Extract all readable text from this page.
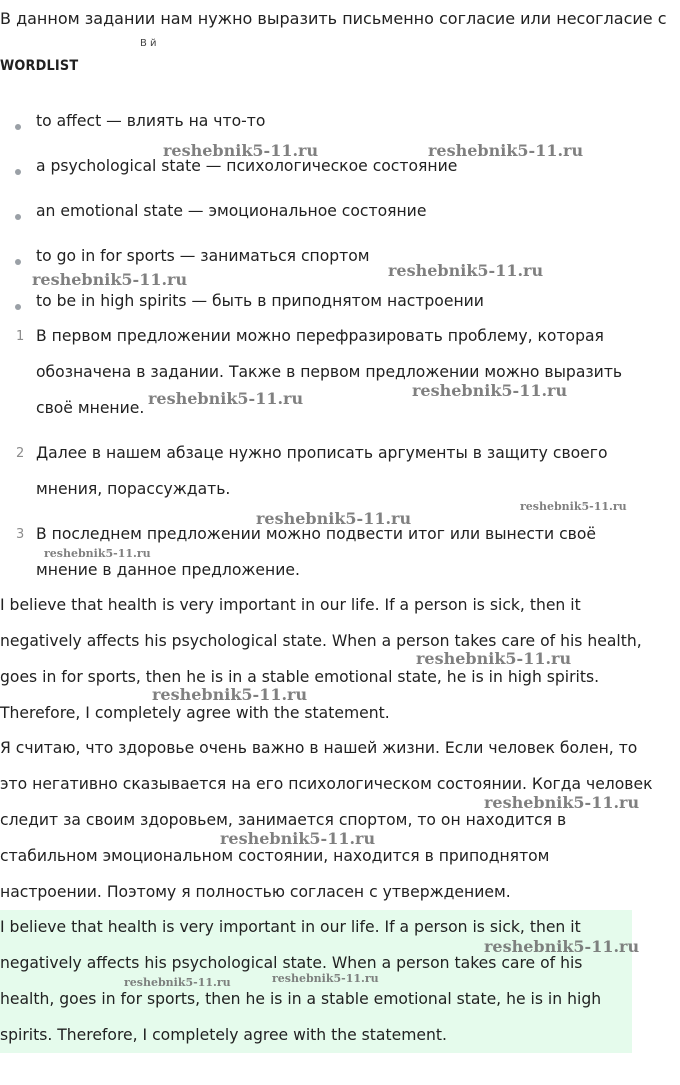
В данном задании нам нужно выразить письменно согласие или несогласие с
В й
WORDLIST
to affect — влиять на что-то
a psychological state — психологическое состояние
an emotional state — эмоциональное состояние
to go in for sports — заниматься спортом
to be in high spirits — быть в приподнятом настроении
1 В первом предложении можно перефразировать проблему, которая
обозначена в задании. Также в первом предложении можно выразить
своё мнение.
2 Далее в нашем абзаце нужно прописать аргументы в защиту своего
мнения, порассуждать.
3 В последнем предложении можно подвести итог или вынести своё
мнение в данное предложение.
I believe that health is very important in our life. If a person is sick, then it
negatively affects his psychological state. When a person takes care of his health,
goes in for sports, then he is in a stable emotional state, he is in high spirits.
Therefore, I completely agree with the statement.
Я считаю, что здоровье очень важно в нашей жизни. Если человек болен, то
это негативно сказывается на его психологическом состоянии. Когда человек
следит за своим здоровьем, занимается спортом, то он находится в
стабильном эмоциональном состоянии, находится в приподнятом
настроении. Поэтому я полностью согласен с утверждением.
I believe that health is very important in our life. If a person is sick, then it
negatively affects his psychological state. When a person takes care of his
health, goes in for sports, then he is in a stable emotional state, he is in high
spirits. Therefore, I completely agree with the statement.
reshebnik5-11.ru	reshebnik5-11.ru
reshebnik5-11.ru	reshebnik5-11.ru
reshebnik5-11.ru	reshebnik5-11.ru
reshebnik5-11.ru
reshebnik5-11.ru
reshebnik5-11.ru
reshebnik5-11.ru
reshebnik5-11.ru
reshebnik5-11.ru
reshebnik5-11.ru
reshebnik5-11.ru
reshebnik5-11.ru	reshebnik5-11.ru
